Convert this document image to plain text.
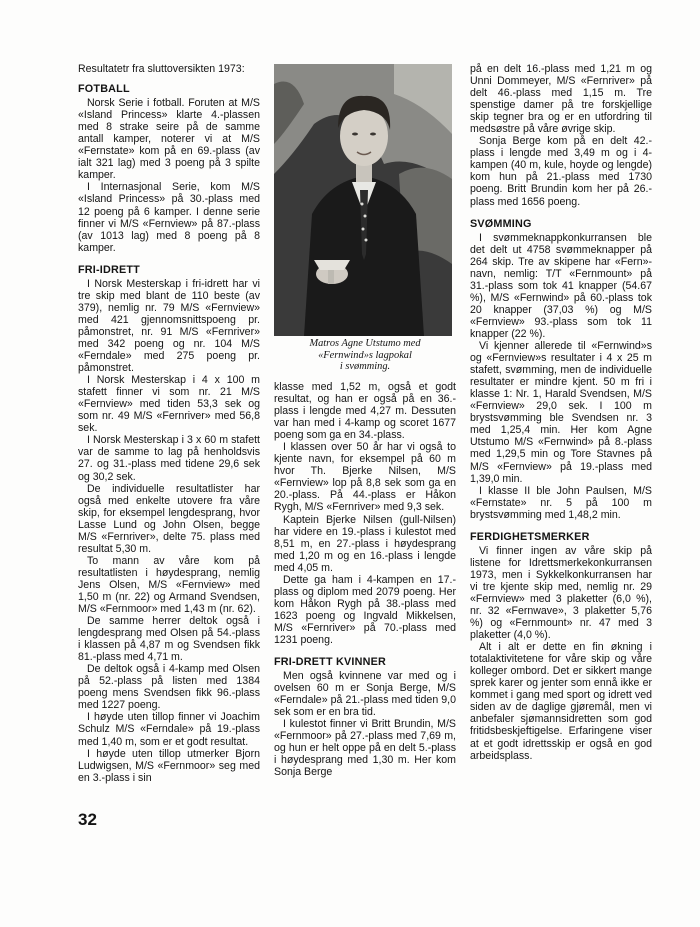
Resultatetr fra sluttoversikten 1973:

FOTBALL

Norsk Serie i fotball. Foruten at M/S «Island Princess» klarte 4.-plassen med 8 strake seire på de samme antall kamper, noterer vi at M/S «Fernstate» kom på en 69.-plass (av ialt 321 lag) med 3 poeng på 3 spilte kamper.

I Internasjonal Serie, kom M/S «Island Princess» på 30.-plass med 12 poeng på 6 kamper. I denne serie finner vi M/S «Fernview» på 87.-plass (av 1013 lag) med 8 poeng på 8 kamper.

FRI-IDRETT

I Norsk Mesterskap i fri-idrett har vi tre skip med blant de 110 beste (av 379), nemlig nr. 79 M/S «Fernview» med 421 gjennomsnittspoeng pr. påmonstret, nr. 91 M/S «Fernriver» med 342 poeng og nr. 104 M/S «Ferndale» med 275 poeng pr. påmonstret.

I Norsk Mesterskap i 4 x 100 m stafett finner vi som nr. 21 M/S «Fernview» med tiden 53,3 sek og som nr. 49 M/S «Fernriver» med 56,8 sek.

I Norsk Mesterskap i 3 x 60 m stafett var de samme to lag på henholdsvis 27. og 31.-plass med tidene 29,6 sek og 30,2 sek.

De individuelle resultatlister har også med enkelte utovere fra våre skip, for eksempel lengdesprang, hvor Lasse Lund og John Olsen, begge M/S «Fernriver», delte 75. plass med resultat 5,30 m.

To mann av våre kom på resultatlisten i høydesprang, nemlig Jens Olsen, M/S «Fernview» med 1,50 m (nr. 22) og Armand Svendsen, M/S «Fernmoor» med 1,43 m (nr. 62).

De samme herrer deltok også i lengdesprang med Olsen på 54.-plass i klassen på 4,87 m og Svendsen fikk 81.-plass med 4,71 m.

De deltok også i 4-kamp med Olsen på 52.-plass på listen med 1384 poeng mens Svendsen fikk 96.-plass med 1227 poeng.

I høyde uten tillop finner vi Joachim Schulz M/S «Ferndale» på 19.-plass med 1,40 m, som er et godt resultat.

I høyde uten tillop utmerker Bjorn Ludwigsen, M/S «Fernmoor» seg med en 3.-plass i sin

Matros Agne Utstumo med
«Fernwind»s lagpokal
i svømming.

klasse med 1,52 m, også et godt resultat, og han er også på en 36.-plass i lengde med 4,27 m. Dessuten var han med i 4-kamp og scoret 1677 poeng som ga en 34.-plass.

I klassen over 50 år har vi også to kjente navn, for eksempel på 60 m hvor Th. Bjerke Nilsen, M/S «Fernview» lop på 8,8 sek som ga en 20.-plass. På 44.-plass er Håkon Rygh, M/S «Fernriver» med 9,3 sek.

Kaptein Bjerke Nilsen (gull-Nilsen) har videre en 19.-plass i kulestot med 8,51 m, en 27.-plass i høydesprang med 1,20 m og en 16.-plass i lengde med 4,05 m.

Dette ga ham i 4-kampen en 17.-plass og diplom med 2079 poeng. Her kom Håkon Rygh på 38.-plass med 1623 poeng og Ingvald Mikkelsen, M/S «Fernriver» på 70.-plass med 1231 poeng.

FRI-DRETT KVINNER

Men også kvinnene var med og i ovelsen 60 m er Sonja Berge, M/S «Ferndale» på 21.-plass med tiden 9,0 sek som er en bra tid.

I kulestot finner vi Britt Brundin, M/S «Fernmoor» på 27.-plass med 7,69 m, og hun er helt oppe på en delt 5.-plass i høydesprang med 1,30 m. Her kom Sonja Berge

på en delt 16.-plass med 1,21 m og Unni Dommeyer, M/S «Fernriver» på delt 46.-plass med 1,15 m. Tre spenstige damer på tre forskjellige skip tegner bra og er en utfordring til medsøstre på våre øvrige skip.

Sonja Berge kom på en delt 42.-plass i lengde med 3,49 m og i 4-kampen (40 m, kule, hoyde og lengde) kom hun på 21.-plass med 1730 poeng. Britt Brundin kom her på 26.-plass med 1656 poeng.

SVØMMING

I svømmeknappkonkurransen ble det delt ut 4758 svømmeknapper på 264 skip. Tre av skipene har «Fern»-navn, nemlig: T/T «Fernmount» på 31.-plass som tok 41 knapper (54.67 %), M/S «Fernwind» på 60.-plass tok 20 knapper (37,03 %) og M/S «Fernview» 93.-plass som tok 11 knapper (22 %).

Vi kjenner allerede til «Fernwind»s og «Fernview»s resultater i 4 x 25 m stafett, svømming, men de individuelle resultater er mindre kjent. 50 m fri i klasse 1: Nr. 1, Harald Svendsen, M/S «Fernview» 29,0 sek. I 100 m brystsvømming ble Svendsen nr. 3 med 1,25,4 min. Her kom Agne Utstumo M/S «Fernwind» på 8.-plass med 1,29,5 min og Tore Stavnes på M/S «Fernview» på 19.-plass med 1,39,0 min.

I klasse II ble John Paulsen, M/S «Fernstate» nr. 5 på 100 m brystsvømming med 1,48,2 min.

FERDIGHETSMERKER

Vi finner ingen av våre skip på listene for Idrettsmerkekonkurransen 1973, men i Sykkelkonkurransen har vi tre kjente skip med, nemlig nr. 29 «Fernview» med 3 plaketter (6,0 %), nr. 32 «Fernwave», 3 plaketter 5,76 %) og «Fernmount» nr. 47 med 3 plaketter (4,0 %).

Alt i alt er dette en fin økning i totalaktivitetene for våre skip og våre kolleger ombord. Det er sikkert mange sprek karer og jenter som ennå ikke er kommet i gang med sport og idrett ved siden av de daglige gjøremål, men vi anbefaler sjømannsidretten som god fritidsbeskjeftigelse. Erfaringene viser at et godt idrettsskip er også en god arbeidsplass.

32
